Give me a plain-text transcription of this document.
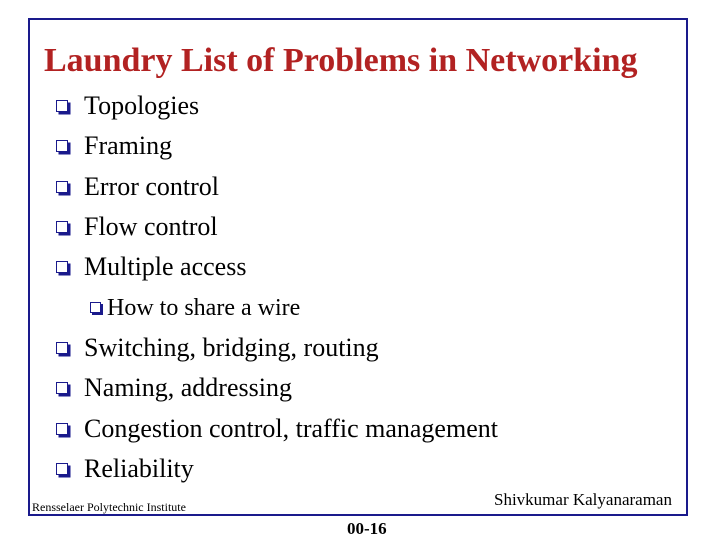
Laundry List of Problems in Networking
Topologies
Framing
Error control
Flow control
Multiple access
How to share a wire
Switching, bridging, routing
Naming, addressing
Congestion control, traffic management
Reliability
Rensselaer Polytechnic Institute	Shivkumar Kalyanaraman
00-16
